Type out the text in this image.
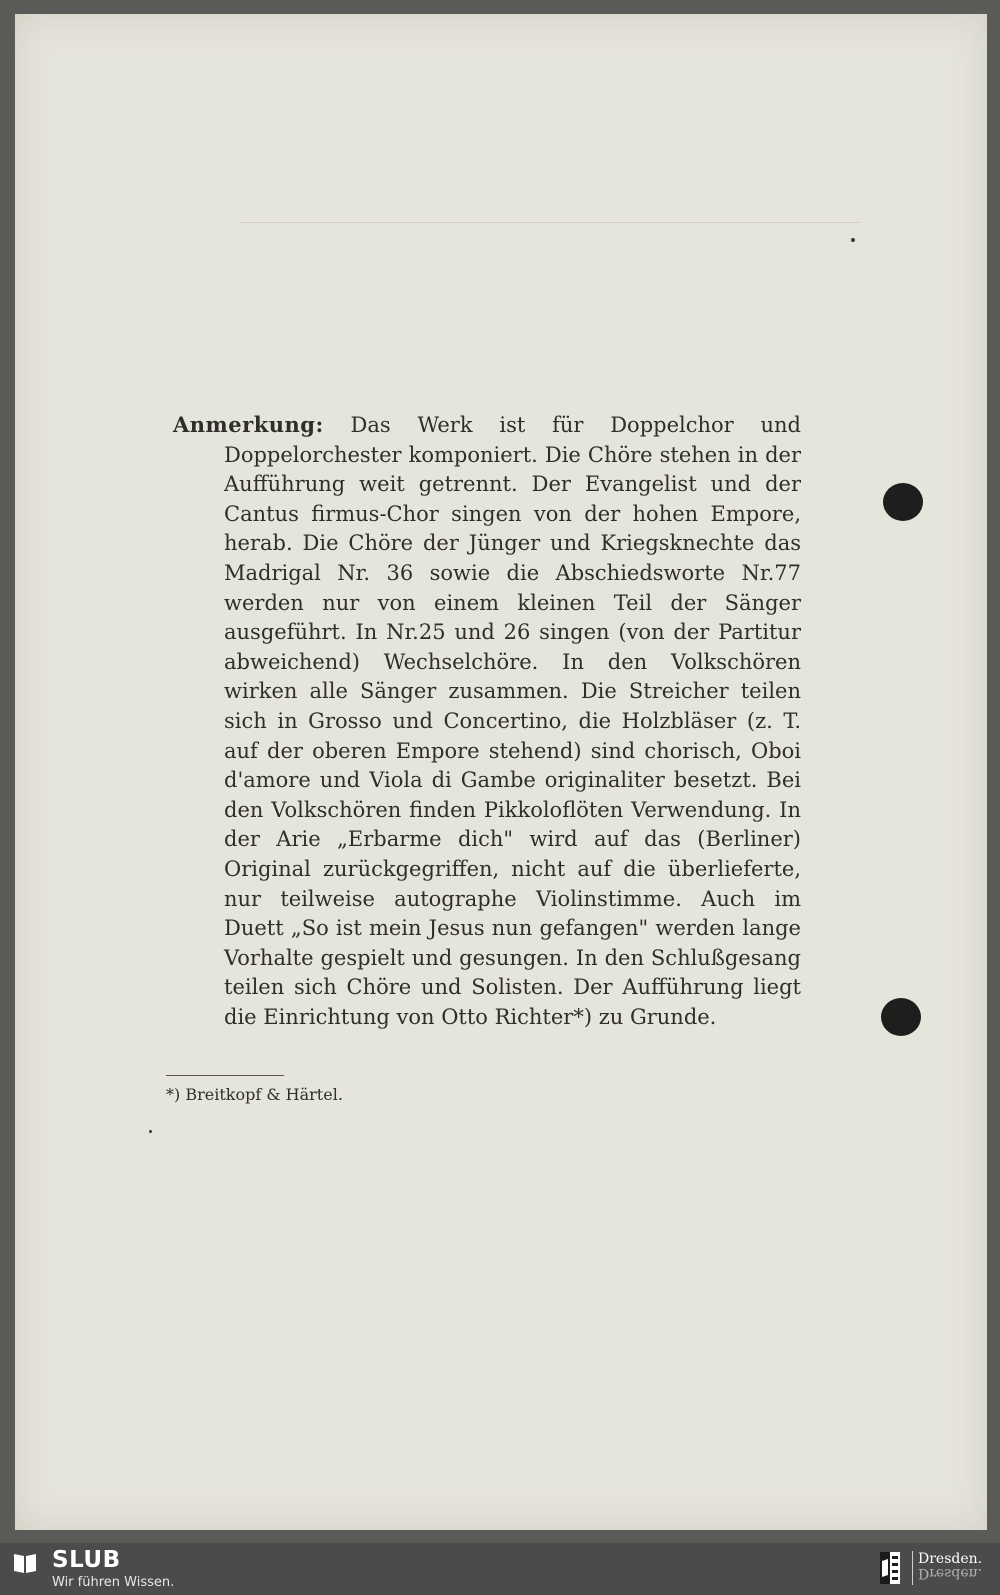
Anmerkung: Das Werk ist für Doppelchor und Doppelorchester komponiert. Die Chöre stehen in der Aufführung weit getrennt. Der Evangelist und der Cantus firmus-Chor singen von der hohen Empore, herab. Die Chöre der Jünger und Kriegsknechte das Madrigal Nr. 36 sowie die Abschiedsworte Nr.77 werden nur von einem kleinen Teil der Sänger ausgeführt. In Nr.25 und 26 singen (von der Partitur abweichend) Wechselchöre. In den Volkschören wirken alle Sänger zusammen. Die Streicher teilen sich in Grosso und Concertino, die Holzbläser (z. T. auf der oberen Empore stehend) sind chorisch, Oboi d'amore und Viola di Gambe originaliter besetzt. Bei den Volkschören finden Pikkoloflöten Verwendung. In der Arie „Erbarme dich" wird auf das (Berliner) Original zurückgegriffen, nicht auf die überlieferte, nur teilweise autographe Violinstimme. Auch im Duett „So ist mein Jesus nun gefangen" werden lange Vorhalte gespielt und gesungen. In den Schlußgesang teilen sich Chöre und Solisten. Der Aufführung liegt die Einrichtung von Otto Richter*) zu Grunde.

*) Breitkopf & Härtel.
SLUB
Wir führen Wissen.
Dresden.
Dresden.
